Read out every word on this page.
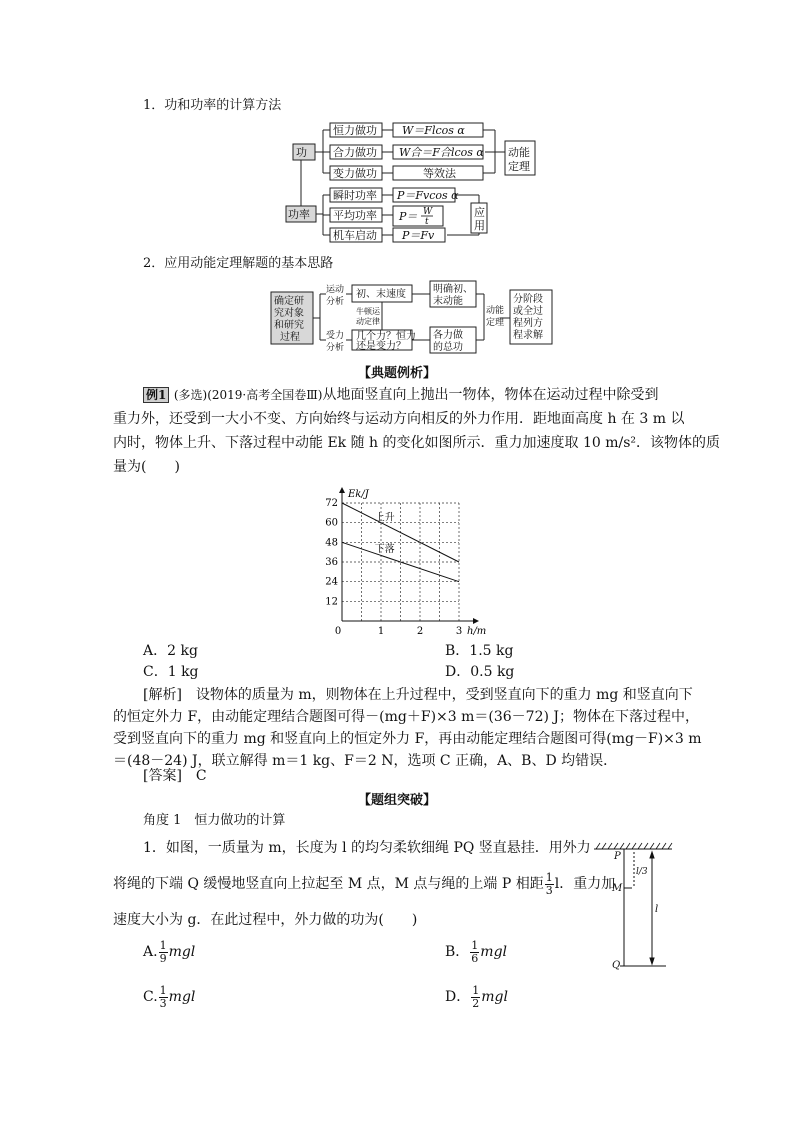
1．功和功率的计算方法
功
功率
恒力做功
合力做功
变力做功
W＝Flcos α
W合＝F合lcos α
等效法
动能
定理
瞬时功率
平均功率
机车启动
P＝Fvcos α
P＝ W
t
P＝Fv
应
用
2．应用动能定理解题的基本思路
确定研
究对象
和研究
过程
运动
分析
受力
分析
初、末速度
牛顿运
动定律
几个力？恒力
还是变力？
明确初、
末动能
各力做
的总功
动能
定理
分阶段
或全过
程列方
程求解
【典题例析】
例1 (多选)(2019·高考全国卷Ⅲ)从地面竖直向上抛出一物体，物体在运动过程中除受到
重力外，还受到一大小不变、方向始终与运动方向相反的外力作用．距地面高度 h 在 3 m 以
内时，物体上升、下落过程中动能 Ek 随 h 的变化如图所示．重力加速度取 10 m/s²．该物体的质
量为(　　)
12
24
36
48
60
72
0	1	2	3
Ek/J
h/m
上升
下落
A．2 kg	B．1.5 kg
C．1 kg	D．0.5 kg
[解析]　设物体的质量为 m，则物体在上升过程中，受到竖直向下的重力 mg 和竖直向下
的恒定外力 F，由动能定理结合题图可得－(mg＋F)×3 m＝(36－72) J；物体在下落过程中，
受到竖直向下的重力 mg 和竖直向上的恒定外力 F，再由动能定理结合题图可得(mg－F)×3 m
＝(48－24) J，联立解得 m＝1 kg、F＝2 N，选项 C 正确，A、B、D 均错误．
[答案]　C
【题组突破】
角度 1　恒力做功的计算
1．如图，一质量为 m，长度为 l 的均匀柔软细绳 PQ 竖直悬挂．用外力
将绳的下端 Q 缓慢地竖直向上拉起至 M 点，M 点与绳的上端 P 相距 $\frac{1}{3}$ l．重力加
速度大小为 g．在此过程中，外力做的功为(　　)
A. $\frac{1}{9}$ mgl	B． $\frac{1}{6}$ mgl
C. $\frac{1}{3}$ mgl	D． $\frac{1}{2}$ mgl
P
M
Q
l/3
l
